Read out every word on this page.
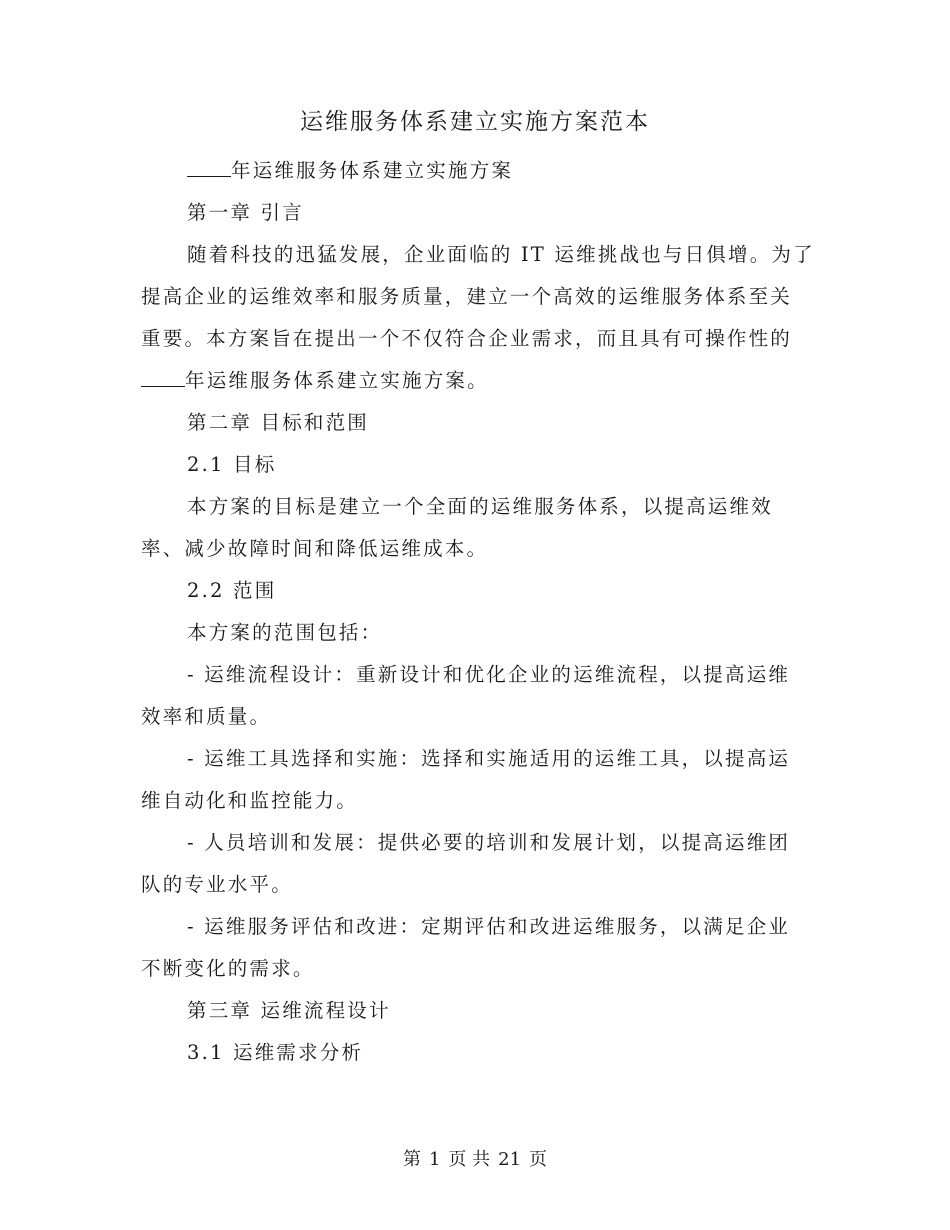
运维服务体系建立实施方案范本

年运维服务体系建立实施方案

第一章 引言

随着科技的迅猛发展，企业面临的 IT 运维挑战也与日俱增。为了

提高企业的运维效率和服务质量，建立一个高效的运维服务体系至关

重要。本方案旨在提出一个不仅符合企业需求，而且具有可操作性的

年运维服务体系建立实施方案。

第二章 目标和范围

2.1 目标

本方案的目标是建立一个全面的运维服务体系，以提高运维效

率、减少故障时间和降低运维成本。

2.2 范围

本方案的范围包括：

- 运维流程设计：重新设计和优化企业的运维流程，以提高运维

效率和质量。

- 运维工具选择和实施：选择和实施适用的运维工具，以提高运

维自动化和监控能力。

- 人员培训和发展：提供必要的培训和发展计划，以提高运维团

队的专业水平。

- 运维服务评估和改进：定期评估和改进运维服务，以满足企业

不断变化的需求。

第三章 运维流程设计

3.1 运维需求分析

第 1 页 共 21 页
